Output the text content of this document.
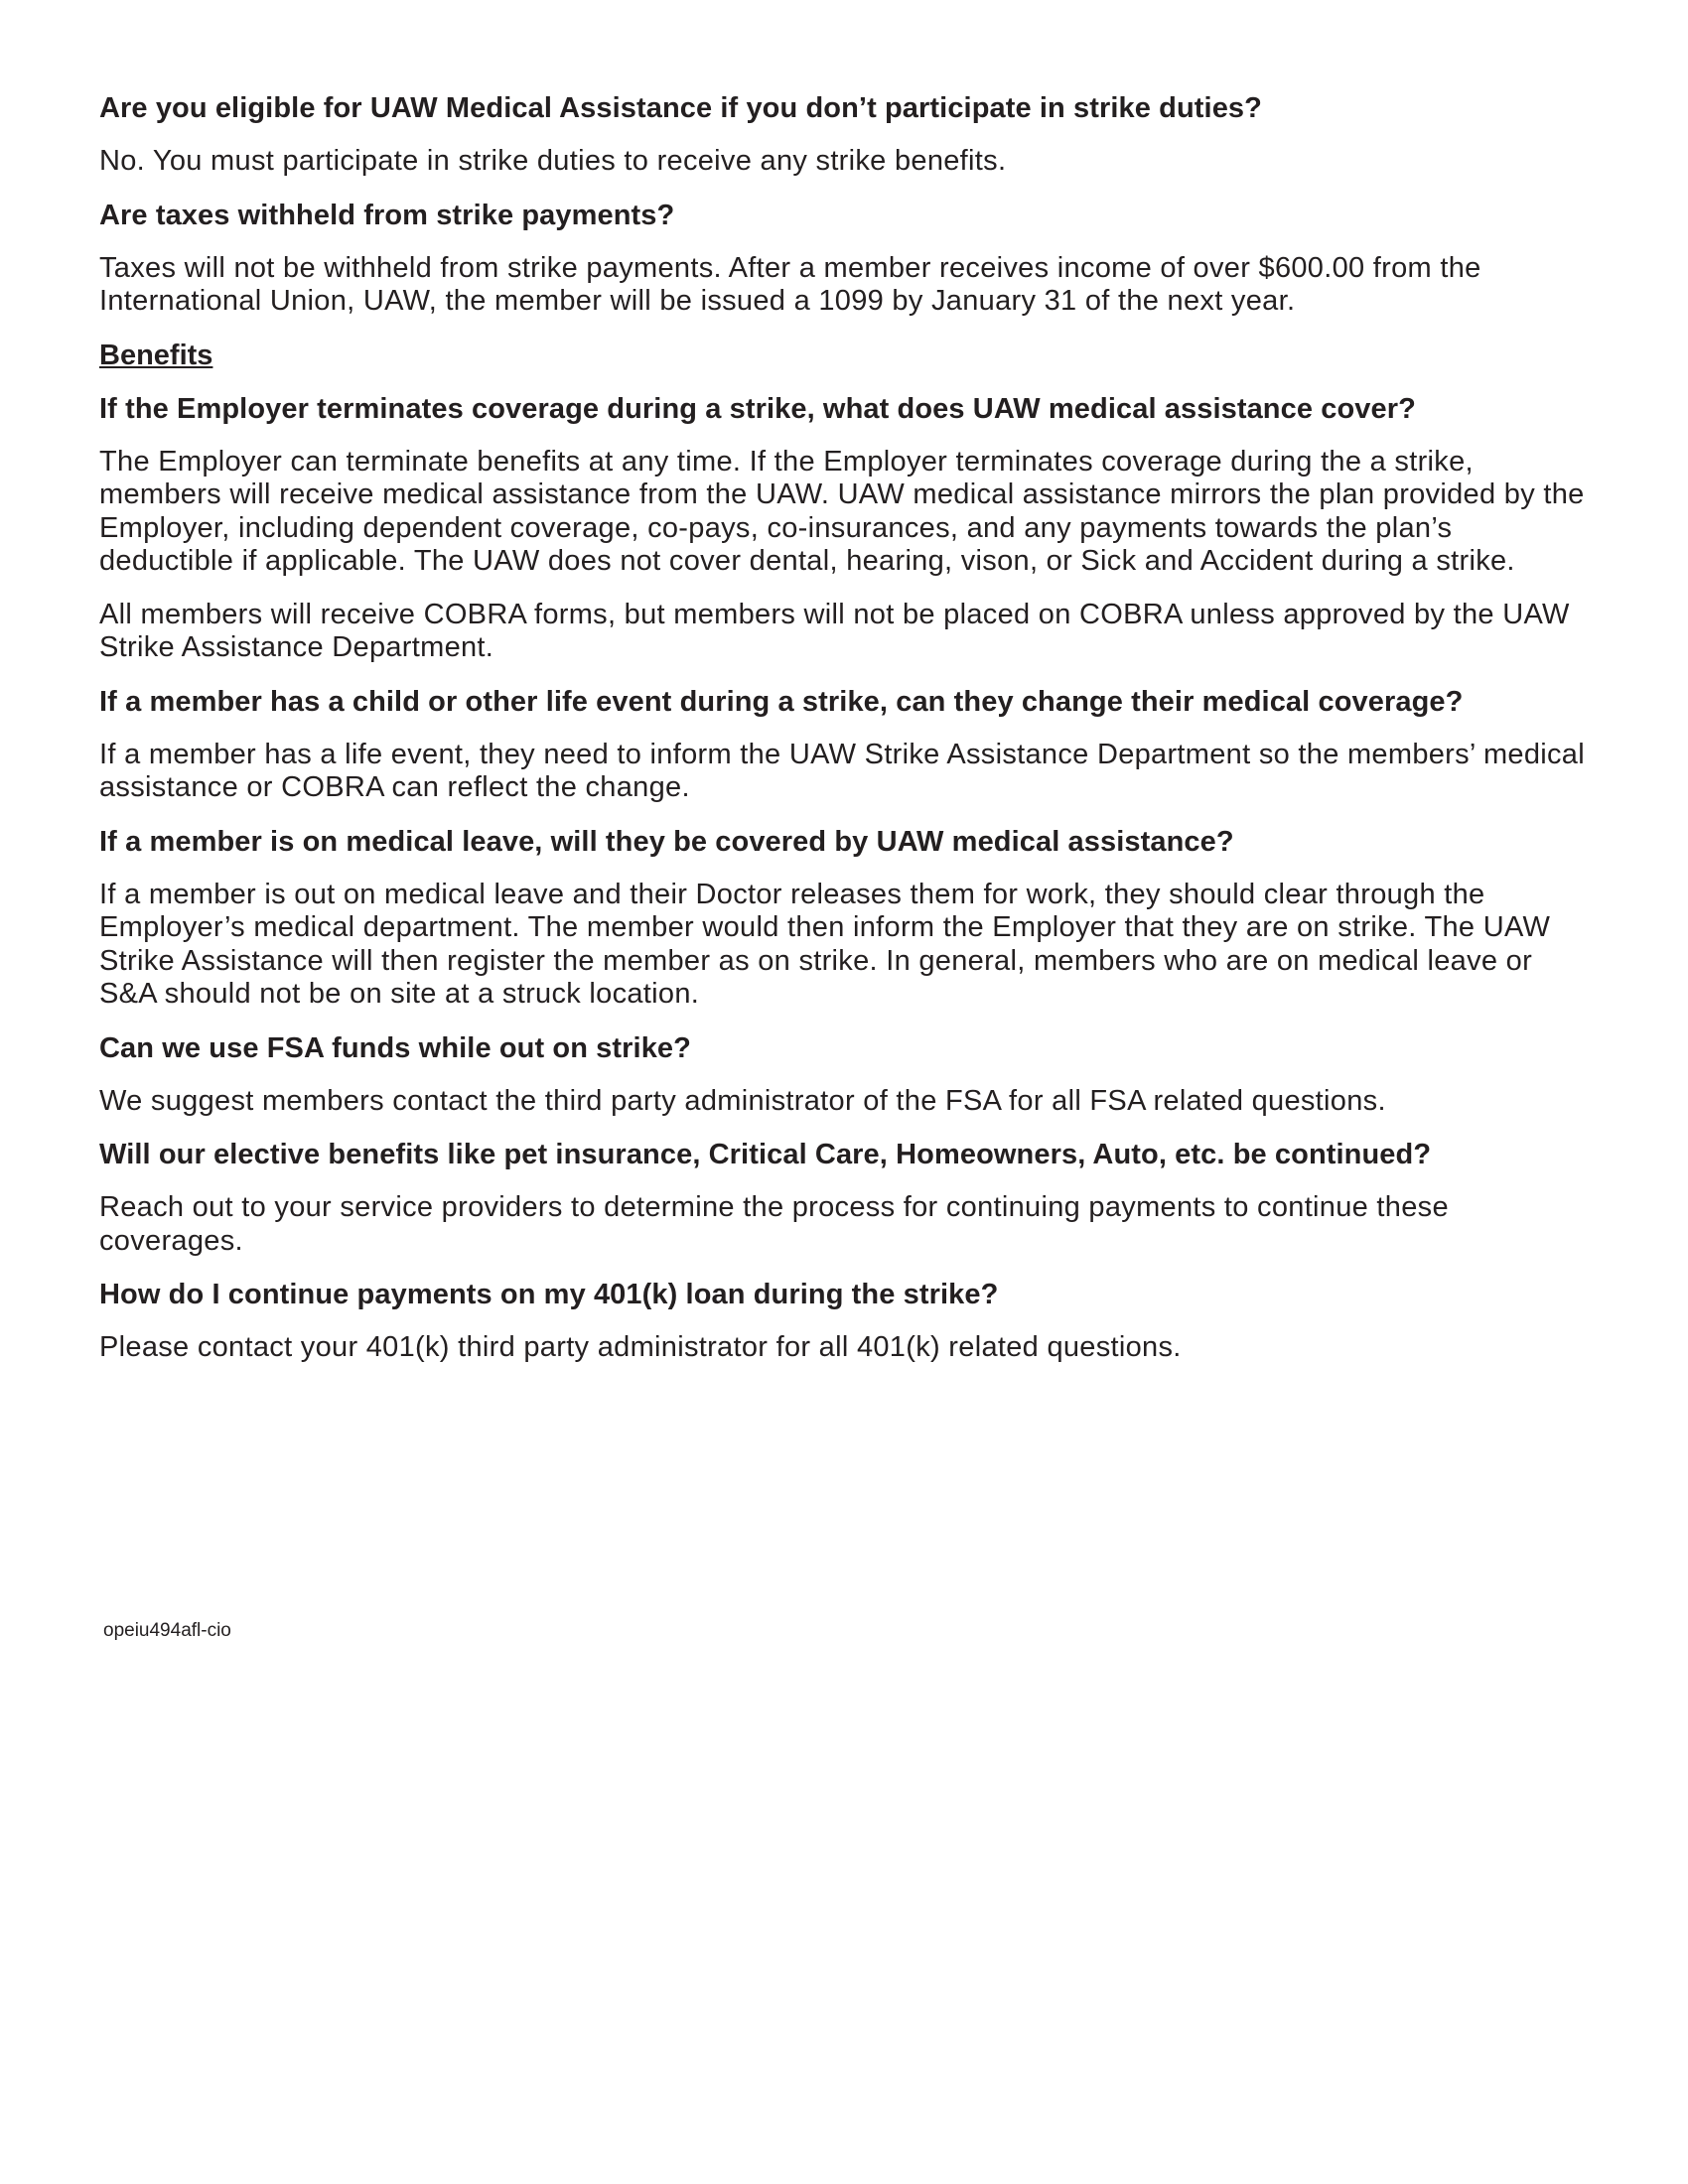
Are you eligible for UAW Medical Assistance if you don’t participate in strike duties?
No. You must participate in strike duties to receive any strike benefits.
Are taxes withheld from strike payments?
Taxes will not be withheld from strike payments. After a member receives income of over $600.00 from the International Union, UAW, the member will be issued a 1099 by January 31 of the next year.
Benefits
If the Employer terminates coverage during a strike, what does UAW medical assistance cover?
The Employer can terminate benefits at any time. If the Employer terminates coverage during the a strike, members will receive medical assistance from the UAW. UAW medical assistance mirrors the plan provided by the Employer, including dependent coverage, co-pays, co-insurances, and any payments towards the plan’s deductible if applicable. The UAW does not cover dental, hearing, vison, or Sick and Accident during a strike.
All members will receive COBRA forms, but members will not be placed on COBRA unless approved by the UAW Strike Assistance Department.
If a member has a child or other life event during a strike, can they change their medical coverage?
If a member has a life event, they need to inform the UAW Strike Assistance Department so the members’ medical assistance or COBRA can reflect the change.
If a member is on medical leave, will they be covered by UAW medical assistance?
If a member is out on medical leave and their Doctor releases them for work, they should clear through the Employer’s medical department. The member would then inform the Employer that they are on strike. The UAW Strike Assistance will then register the member as on strike. In general, members who are on medical leave or S&A should not be on site at a struck location.
Can we use FSA funds while out on strike?
We suggest members contact the third party administrator of the FSA for all FSA related questions.
Will our elective benefits like pet insurance, Critical Care, Homeowners, Auto, etc. be continued?
Reach out to your service providers to determine the process for continuing payments to continue these coverages.
How do I continue payments on my 401(k) loan during the strike?
Please contact your 401(k) third party administrator for all 401(k) related questions.
opeiu494afl-cio
